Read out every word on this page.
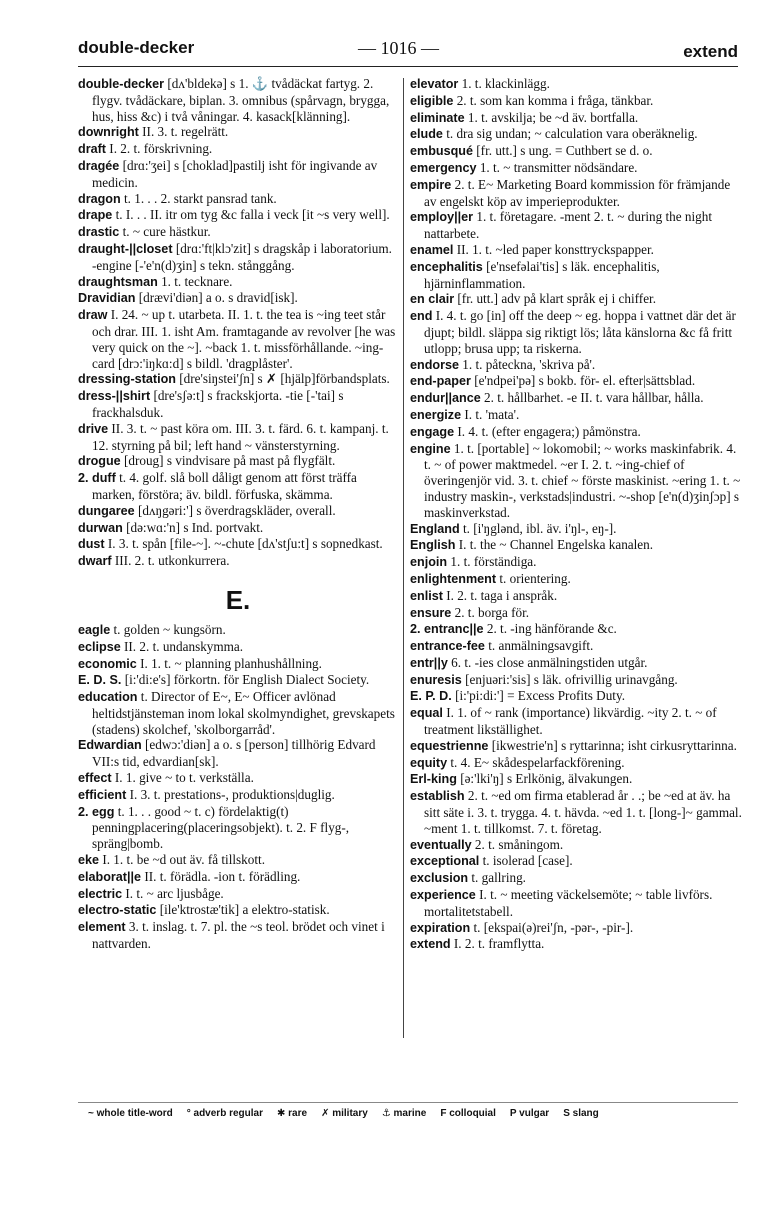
double-decker	— 1016 —	extend

double-decker [dʌ'bldekə] s 1. ⚓ tvådäckat fartyg. 2. flygv. tvådäckare, biplan. 3. omnibus (spårvagn, brygga, hus, hiss &c) i två våningar. 4. kasack[klänning].

downright II. 3. t. regelrätt.

draft I. 2. t. förskrivning.

dragée [drɑ:'ʒei] s [choklad]pastilj isht för ingivande av medicin.

dragon t. 1. . . 2. starkt pansrad tank.

drape t. I. . . II. itr om tyg &c falla i veck [it ~s very well].

drastic t. ~ cure hästkur.

draught-||closet [drɑ:'ft|klɔ'zit] s dragskåp i laboratorium. -engine [-'e'n(d)ʒin] s tekn. stånggång.

draughtsman 1. t. tecknare.

Dravidian [drævi'diən] a o. s dravid[isk].

draw I. 24. ~ up t. utarbeta. II. 1. t. the tea is ~ing teet står och drar. III. 1. isht Am. framtagande av revolver [he was very quick on the ~]. ~back 1. t. missförhållande. ~ing-card [drɔ:'iŋkɑ:d] s bildl. 'dragplåster'.

dressing-station [dre'siŋstei'ʃn] s ✗ [hjälp]förbandsplats.

dress-||shirt [dre'sʃə:t] s frackskjorta. -tie [-'tai] s frackhalsduk.

drive II. 3. t. ~ past köra om. III. 3. t. färd. 6. t. kampanj. t. 12. styrning på bil; left hand ~ vänsterstyrning.

drogue [droug] s vindvisare på mast på flygfält.

2. duff t. 4. golf. slå boll dåligt genom att först träffa marken, förstöra; äv. bildl. förfuska, skämma.

dungaree [dʌŋgəri:'] s överdragskläder, overall.

durwan [də:wɑ:'n] s Ind. portvakt.

dust I. 3. t. spån [file-~]. ~-chute [dʌ'stʃu:t] s sopnedkast.

dwarf III. 2. t. utkonkurrera.

E.

eagle t. golden ~ kungsörn.

eclipse II. 2. t. undanskymma.

economic I. 1. t. ~ planning planhushållning.

E. D. S. [i:'di:e's] förkortn. för English Dialect Society.

education t. Director of E~, E~ Officer avlönad heltidstjänsteman inom lokal skolmyndighet, grevskapets (stadens) skolchef, 'skolborgarråd'.

Edwardian [edwɔ:'diən] a o. s [person] tillhörig Edvard VII:s tid, edvardian[sk].

effect I. 1. give ~ to t. verkställa.

efficient I. 3. t. prestations-, produktions|duglig.

2. egg t. 1. . . good ~ t. c) fördelaktig(t) penningplacering(placeringsobjekt). t. 2. F flyg-, spräng|bomb.

eke I. 1. t. be ~d out äv. få tillskott.

elaborat||e II. t. förädla. -ion t. förädling.

electric I. t. ~ arc ljusbåge.

electro-static [ile'ktrostæ'tik] a elektro-statisk.

element 3. t. inslag. t. 7. pl. the ~s teol. brödet och vinet i nattvarden.

elevator 1. t. klackinlägg.

eligible 2. t. som kan komma i fråga, tänkbar.

eliminate 1. t. avskilja; be ~d äv. bortfalla.

elude t. dra sig undan; ~ calculation vara oberäknelig.

embusqué [fr. utt.] s ung. = Cuthbert se d. o.

emergency 1. t. ~ transmitter nödsändare.

empire 2. t. E~ Marketing Board kommission för främjande av engelskt köp av imperieprodukter.

employ||er 1. t. företagare. -ment 2. t. ~ during the night nattarbete.

enamel II. 1. t. ~led paper konsttryckspapper.

encephalitis [e'nsefəlai'tis] s läk. encephalitis, hjärninflammation.

en clair [fr. utt.] adv på klart språk ej i chiffer.

end I. 4. t. go [in] off the deep ~ eg. hoppa i vattnet där det är djupt; bildl. släppa sig riktigt lös; låta känslorna &c få fritt utlopp; brusa upp; ta riskerna.

endorse 1. t. påteckna, 'skriva på'.

end-paper [e'ndpei'pə] s bokb. för- el. efter|sättsblad.

endur||ance 2. t. hållbarhet. -e II. t. vara hållbar, hålla.

energize I. t. 'mata'.

engage I. 4. t. (efter engagera;) påmönstra.

engine 1. t. [portable] ~ lokomobil; ~ works maskinfabrik. 4. t. ~ of power maktmedel. ~er I. 2. t. ~ing-chief of överingenjör vid. 3. t. chief ~ förste maskinist. ~ering 1. t. ~ industry maskin-, verkstads|industri. ~-shop [e'n(d)ʒinʃɔp] s maskinverkstad.

England t. [i'ŋglənd, ibl. äv. i'ŋl-, eŋ-].

English I. t. the ~ Channel Engelska kanalen.

enjoin 1. t. förständiga.

enlightenment t. orientering.

enlist I. 2. t. taga i anspråk.

ensure 2. t. borga för.

2. entranc||e 2. t. -ing hänförande &c.

entrance-fee t. anmälningsavgift.

entr||y 6. t. -ies close anmälningstiden utgår.

enuresis [enjuəri:'sis] s läk. ofrivillig urinavgång.

E. P. D. [i:'pi:di:'] = Excess Profits Duty.

equal I. 1. of ~ rank (importance) likvärdig. ~ity 2. t. ~ of treatment likställighet.

equestrienne [ikwestrie'n] s ryttarinna; isht cirkusryttarinna.

equity t. 4. E~ skådespelarfackförening.

Erl-king [ə:'lki'ŋ] s Erlkönig, älvakungen.

establish 2. t. ~ed om firma etablerad år . .; be ~ed at äv. ha sitt säte i. 3. t. trygga. 4. t. hävda. ~ed 1. t. [long-]~ gammal. ~ment 1. t. tillkomst. 7. t. företag.

eventually 2. t. småningom.

exceptional t. isolerad [case].

exclusion t. gallring.

experience I. t. ~ meeting väckelsemöte; ~ table livförs. mortalitetstabell.

expiration t. [ekspai(ə)rei'ʃn, -pər-, -pir-].

extend I. 2. t. framflytta.

~ whole title-word ° adverb regular ✱ rare ✗ military ⚓ marine F colloquial P vulgar S slang
